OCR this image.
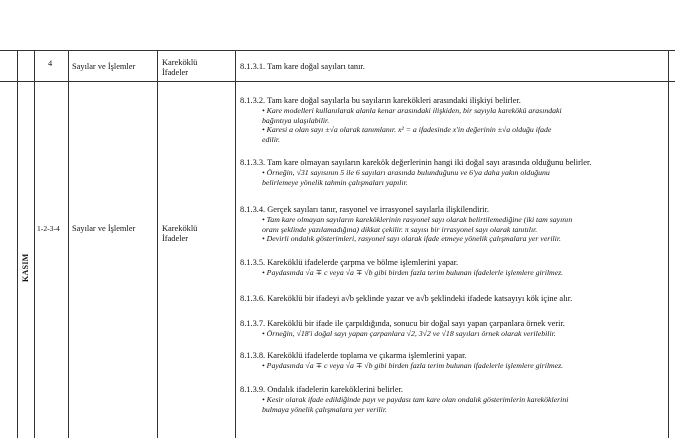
4 Sayılar ve İşlemler	Kareköklü
İfadeler
8.1.3.1. Tam kare doğal sayıları tanır.
KASIM
1-2-3-4 Sayılar ve İşlemler	Kareköklü
İfadeler
8.1.3.2. Tam kare doğal sayılarla bu sayıların karekökleri arasındaki ilişkiyi belirler.
• Kare modelleri kullanılarak alanla kenar arasındaki ilişkiden, bir sayıyla karekökü arasındaki
bağıntıya ulaşılabilir.
• Karesi a olan sayı ±√a olarak tanımlanır. x² = a ifadesinde x'in değerinin ±√a olduğu ifade
edilir.
8.1.3.3. Tam kare olmayan sayıların karekök değerlerinin hangi iki doğal sayı arasında olduğunu belirler.
• Örneğin, √31 sayısının 5 ile 6 sayıları arasında bulunduğunu ve 6'ya daha yakın olduğunu
belirlemeye yönelik tahmin çalışmaları yapılır.
8.1.3.4. Gerçek sayıları tanır, rasyonel ve irrasyonel sayılarla ilişkilendirir.
• Tam kare olmayan sayıların kareköklerinin rasyonel sayı olarak belirtilemediğine (iki tam sayının
oranı şeklinde yazılamadığına) dikkat çekilir. π sayısı bir irrasyonel sayı olarak tanıtılır.
• Devirli ondalık gösterimleri, rasyonel sayı olarak ifade etmeye yönelik çalışmalara yer verilir.
8.1.3.5. Kareköklü ifadelerde çarpma ve bölme işlemlerini yapar.
• Paydasında √a ∓ c veya √a ∓ √b gibi birden fazla terim bulunan ifadelerle işlemlere girilmez.
8.1.3.6. Kareköklü bir ifadeyi a√b şeklinde yazar ve a√b şeklindeki ifadede katsayıyı kök içine alır.
8.1.3.7. Kareköklü bir ifade ile çarpıldığında, sonucu bir doğal sayı yapan çarpanlara örnek verir.
• Örneğin, √18'i doğal sayı yapan çarpanlara √2, 3√2 ve √18 sayıları örnek olarak verilebilir.
8.1.3.8. Kareköklü ifadelerde toplama ve çıkarma işlemlerini yapar.
• Paydasında √a ∓ c veya √a ∓ √b gibi birden fazla terim bulunan ifadelerle işlemlere girilmez.
8.1.3.9. Ondalık ifadelerin kareköklerini belirler.
• Kesir olarak ifade edildiğinde payı ve paydası tam kare olan ondalık gösterimlerin kareköklerini
bulmaya yönelik çalışmalara yer verilir.
